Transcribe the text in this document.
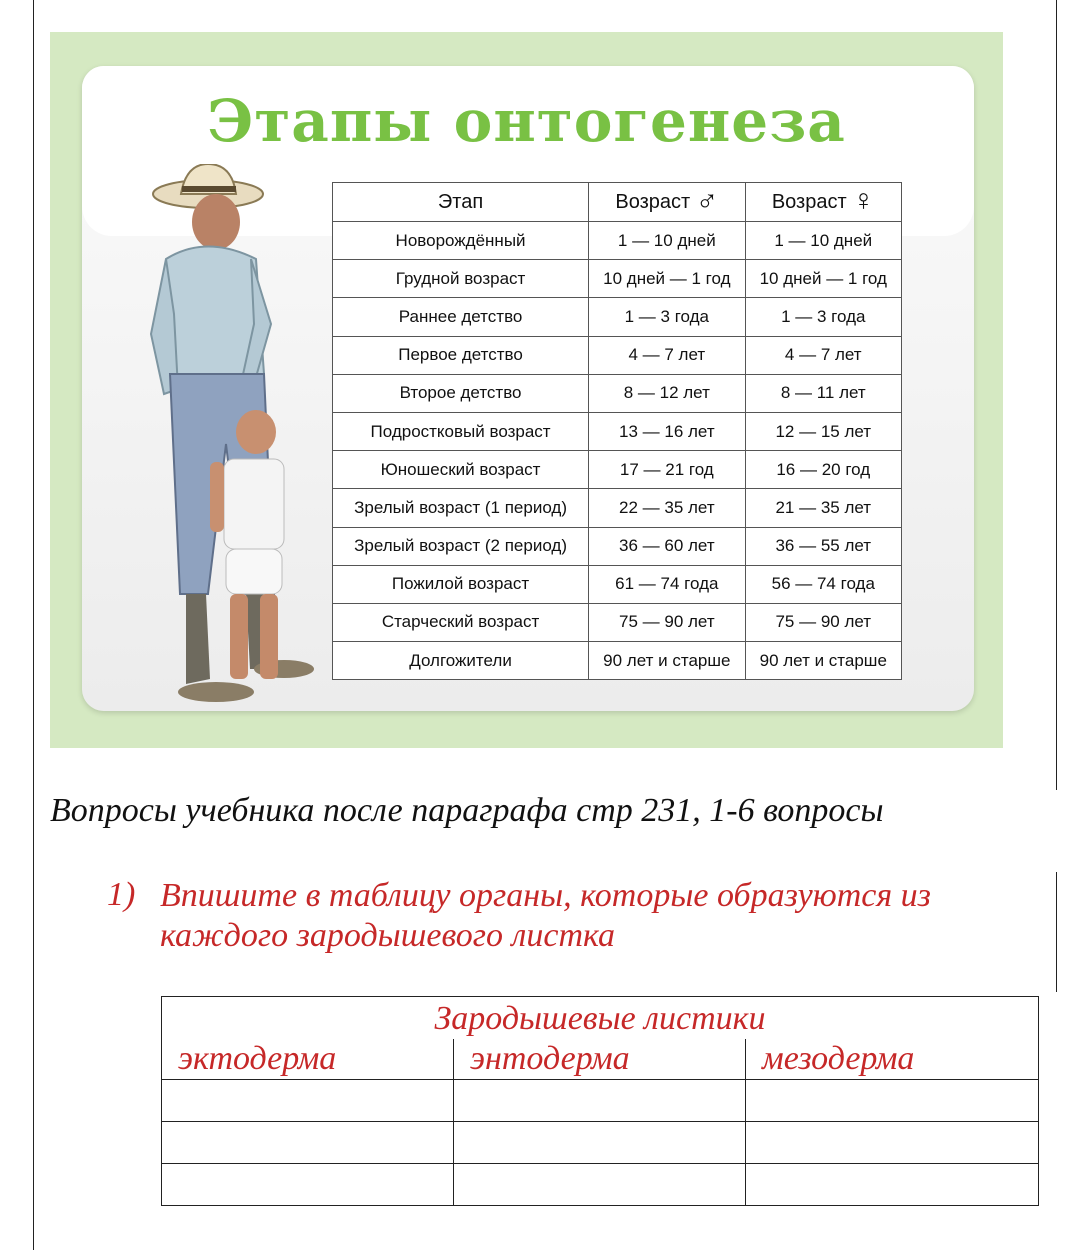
Этапы онтогенеза
Этап	Возраст ♂	Возраст ♀
Новорождённый	1 — 10 дней	1 — 10 дней
Грудной возраст	10 дней — 1 год	10 дней — 1 год
Раннее детство	1 — 3 года	1 — 3 года
Первое детство	4 — 7 лет	4 — 7 лет
Второе детство	8 — 12 лет	8 — 11 лет
Подростковый возраст	13 — 16 лет	12 — 15 лет
Юношеский возраст	17 — 21 год	16 — 20 год
Зрелый возраст (1 период)	22 — 35 лет	21 — 35 лет
Зрелый возраст (2 период)	36 — 60 лет	36 — 55 лет
Пожилой возраст	61 — 74 года	56 — 74 года
Старческий возраст	75 — 90 лет	75 — 90 лет
Долгожители	90 лет и старше	90 лет и старше
Вопросы учебника после параграфа стр 231, 1-6 вопросы
1) Впишите в таблицу органы, которые образуются из каждого зародышевого листка
Зародышевые листики
эктодерма	энтодерма	мезодерма
